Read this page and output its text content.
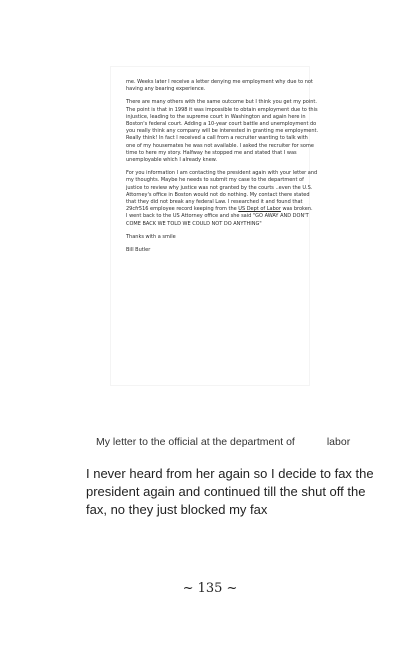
me. Weeks later I receive a letter denying me employment why due to not
having any bearing experience.

There are many others with the same outcome but I think you get my point.
The point is that in 1998 it was impossible to obtain employment due to this
injustice, leading to the supreme court in Washington and again here in
Boston's federal court. Adding a 10-year court battle and unemployment do
you really think any company will be interested in granting me employment.
Really think! In fact I received a call from a recruiter wanting to talk with
one of my housemates he was not available. I asked the recruiter for some
time to here my story. Halfway he stopped me and stated that I was
unemployable which I already knew.

For you information I am contacting the president again with your letter and
my thoughts. Maybe he needs to submit my case to the department of
justice to review why justice was not granted by the courts ..even the U.S.
Attorney's office in Boston would not do nothing. My contact there stated
that they did not break any federal Law. I researched it and found that
29cfr516 employee record keeping from the US Dept of Labor was broken.
I went back to the US Attorney office and she said "GO AWAY AND DON'T
COME BACK WE TOLD WE COULD NOT DO ANYTHING"

Thanks with a smile

Bill Butler

My letter to the official at the department of	labor
I never heard from her again so I decide to fax the president again and continued till the shut off the fax, no they just blocked my fax
~ 135 ~
